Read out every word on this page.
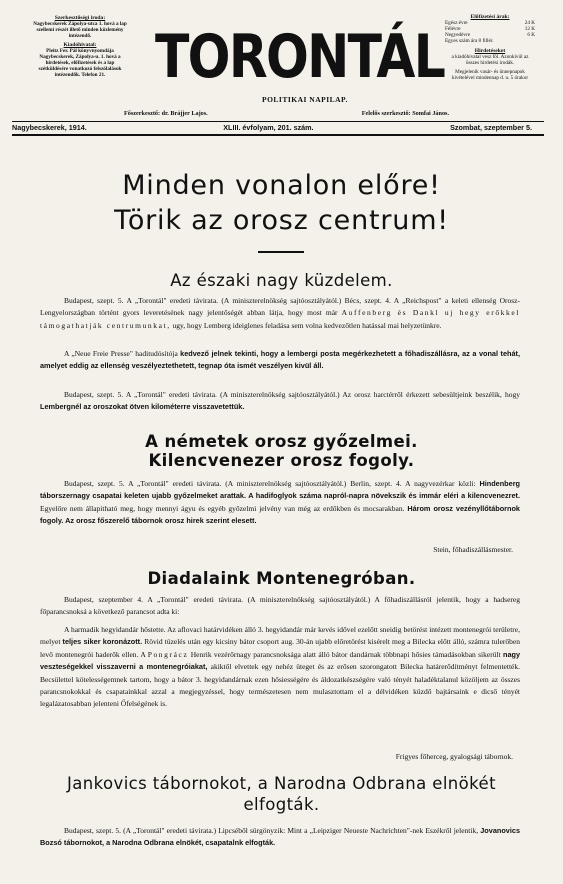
Szerkesztőségi iroda:
Nagybecskerek Zápolya-utca 1. hová a lap szellemi részét illető minden közlemény intézendő.
Kiadóhivatal:
Pleitz Fer. Pál könyvnyomdája Nagybecskerek, Zápolya-u. 1. hová a hirdetések, előfizetések és a lap szétküldésére vonatkozó felszólalások intézendők. Telefon 21. TORONTÁL
POLITIKAI NAPILAP.
Főszerkesztő: dr. Brájjer Lajos.	Felelős szerkesztő: Somfai János.
Előfizetési árak:
Egész évre	24 K
Félévre	12 K
Negyedévre	6 K
Egyes szám ára 8 fillér.
Hirdetéseket
a kiadóhivatal vesz föl. Azonkívül az összes hirdetési irodák.
Megjelenik vasár- és ünnepnapok kivételével mindennap d. u. 5 órakor
Nagybecskerek, 1914.	XLIII. évfolyam, 201. szám.	Szombat, szeptember 5.
Minden vonalon előre!
Törik az orosz centrum!
Az északi nagy küzdelem.
Budapest, szept. 5. A „Torontál" eredeti távirata. (A miniszterelnökség sajtóosztályától.) Bécs, szept. 4. A „Reichspost" a keleti ellenség Orosz-Lengyelországban történt gyors leveretésének nagy jelentőségét abban látja, hogy most már Auffenberg és Dankl uj hegy erőkkel támogathatják centrumunkat, ugy, hogy Lemberg ideiglenes feladása sem volna kedvezőtlen hatással mai helyzetünkre.
A „Neue Freie Presse" haditudósítója kedvező jelnek tekinti, hogy a lembergi posta megérkezhetett a főhadiszállásra, az a vonal tehát, amelyet eddig az ellenség veszélyeztethetett, tegnap óta ismét veszélyen kivül áll.
Budapest, szept. 5. A „Torontál" eredeti távirata. (A miniszterelnökség sajtóosztályától.) Az orosz harctérről érkezett sebesültjeink beszélik, hogy Lembergnél az oroszokat ötven kilométerre visszavetettük.
A németek orosz győzelmei.
Kilencvenezer orosz fogoly.
Budapest, szept. 5. A „Torontál" eredeti távirata. (A miniszterelnökség sajtóosztályától.) Berlin, szept. 4. A nagyvezérkar közli: Hindenberg táborszernagy csapatai keleten ujabb győzelmeket arattak. A hadifoglyok száma napról-napra növekszik és immár eléri a kilencvenezret. Egyelőre nem állapitható meg, hogy mennyi ágyu és egyéb győzelmi jelvény van még az erdőkben és mocsarakban. Három orosz vezényllőtábornok fogoly. Az orosz főszerelő tábornok orosz hirek szerint elesett.
Stein, főhadiszállásmester.
Diadalaink Montenegróban.
Budapest, szeptember 4. A „Torontál" eredeti távirata. (A miniszterelnökség sajtóosztályától.) A főhadiszállásról jelentik, hogy a hadsereg főparancsnoksá a következő parancsot adta ki:
A harmadik hegyidandár hőstette. Az aflovaci határvidéken álló 3. hegyidandár már kevés idővel ezelőtt sneidig betörést intézett montenegrói területre, melyet teljes siker koronázott. Rövid tüzelés után egy kicsiny bátor csoport aug. 30-án ujabb előretörést kisérelt meg a Bilecka előtt álló, számra tulerőben levő montenegrói haderők ellen. A Pongrácz Henrik vezérőrnagy parancsnoksága alatt álló bátor dandárnak többnapi hősies támadásokban sikerült nagy veszteségekkel visszaverni a montenegróiakat, akiktől elvettek egy nehéz üteget és az erősen szorongatott Bilecka határerődítményt felmentették. Becsülettel kötelességemnek tartom, hogy a bátor 3. hegyidandárnak ezen hősiességére és áldozatkészségére való tényét haladéktalanul közöljem az összes parancsnokokkal és csapatainkkal azzal a megjegyzéssel, hogy természetesen nem mulasztottam el a délvidéken küzdő bajtársaink e dicső tényét legalázatosabban jelenteni Őfelségének is.
Frigyes főherceg, gyalogsági tábornok.
Jankovics tábornokot, a Narodna Odbrana elnökét
elfogták.
Budapest, szept. 5. (A „Torontál" eredeti távirata.) Lipcséből sürgönyzik: Mint a „Leipziger Neueste Nachrichten"-nek Eszékről jelentik, Jovanovics Bozsó tábornokot, a Narodna Odbrana elnökét, csapatalnk elfogták.
